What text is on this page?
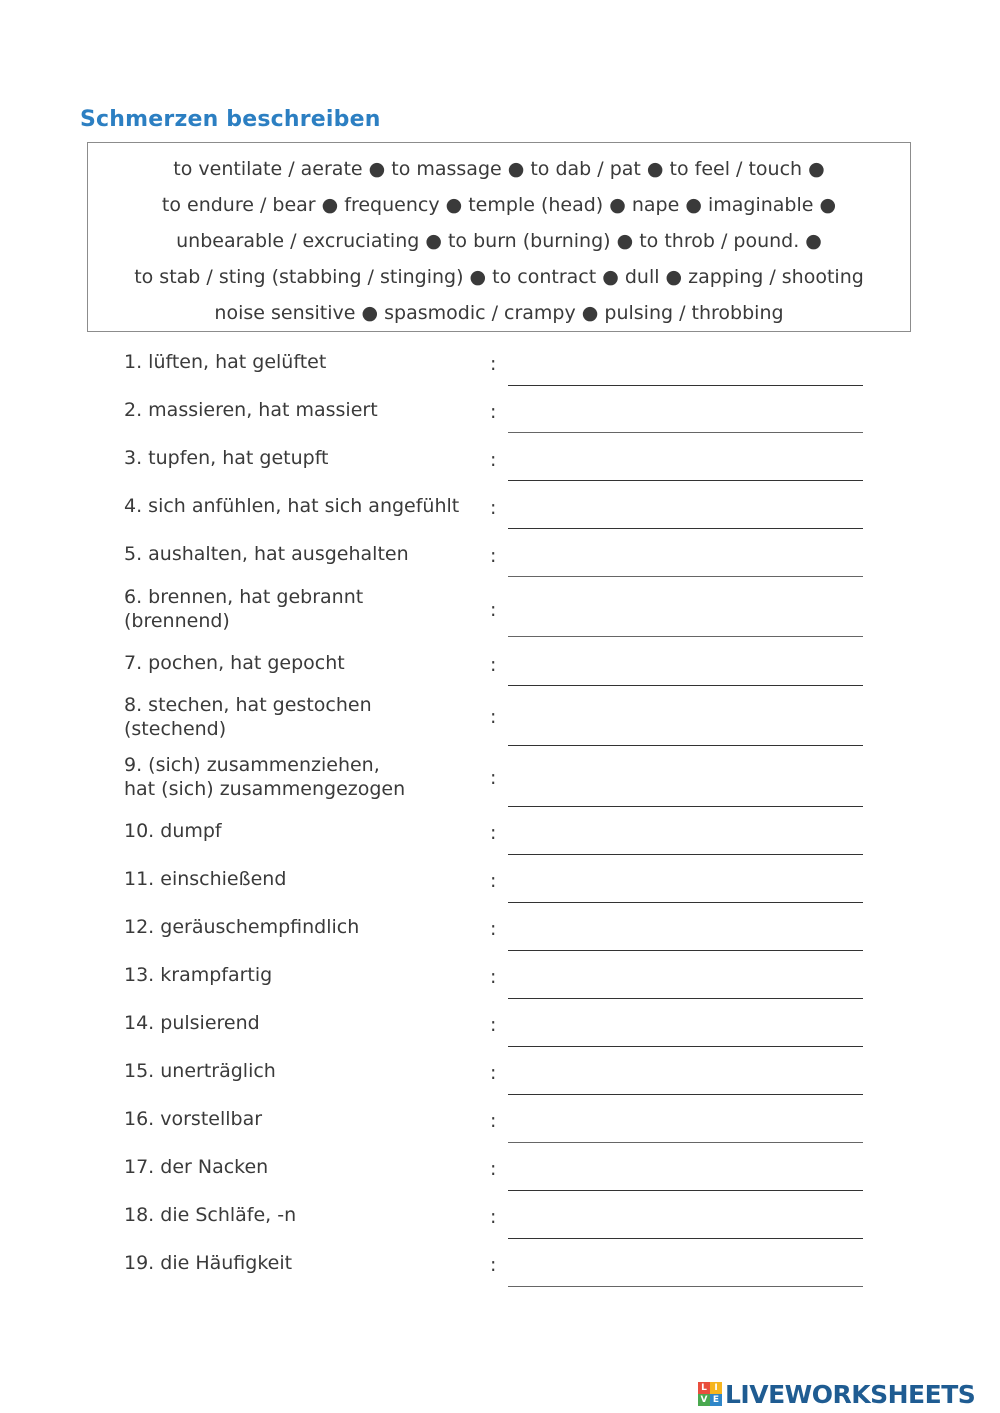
Schmerzen beschreiben
to ventilate / aerate ● to massage ● to dab / pat ● to feel / touch ●
to endure / bear ● frequency ● temple (head) ● nape ● imaginable ●
unbearable / excruciating ● to burn (burning) ● to throb / pound. ●
to stab / sting (stabbing / stinging) ● to contract ● dull ● zapping / shooting
noise sensitive ● spasmodic / crampy ● pulsing / throbbing
1. lüften, hat gelüftet	:
2. massieren, hat massiert	:
3. tupfen, hat getupft	:
4. sich anfühlen, hat sich angefühlt	:
5. aushalten, hat ausgehalten	:
6. brennen, hat gebrannt
(brennend)	:
7. pochen, hat gepocht	:
8. stechen, hat gestochen
(stechend)
:
9. (sich) zusammenziehen,
hat (sich) zusammengezogen	:
10. dumpf	:
11. einschießend	:
12. geräuschempfindlich	:
13. krampfartig	:
14. pulsierend	:
15. unerträglich	:
16. vorstellbar	:
17. der Nacken	:
18. die Schläfe, -n	:
19. die Häufigkeit	:
L I
V E LIVEWORKSHEETS
